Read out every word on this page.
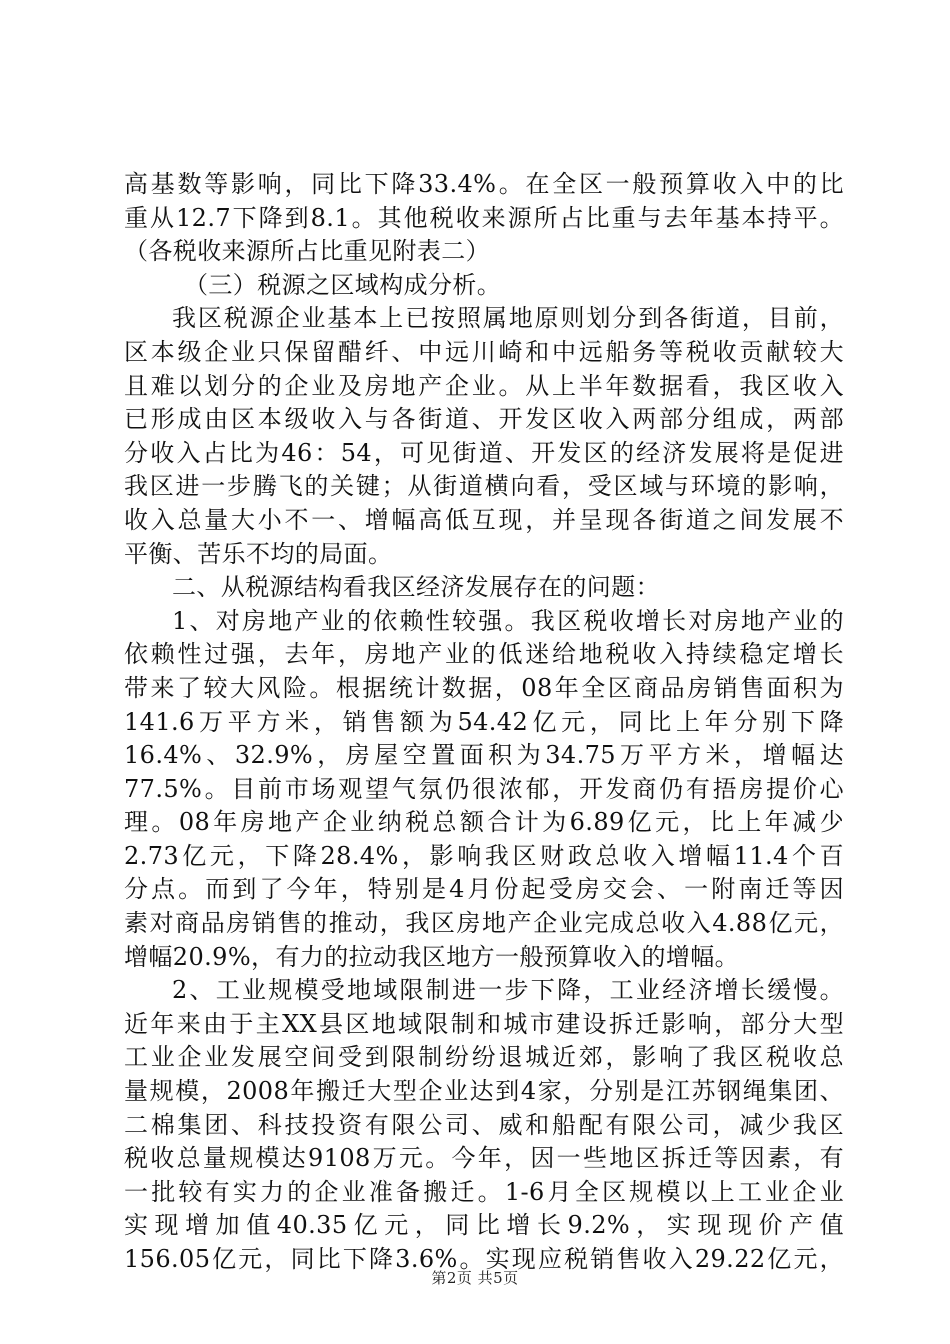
高基数等影响，同比下降33.4%。在全区一般预算收入中的比
重从12.7下降到8.1。其他税收来源所占比重与去年基本持平。
（各税收来源所占比重见附表二）
（三）税源之区域构成分析。
我区税源企业基本上已按照属地原则划分到各街道，目前，
区本级企业只保留醋纤、中远川崎和中远船务等税收贡献较大
且难以划分的企业及房地产企业。从上半年数据看，我区收入
已形成由区本级收入与各街道、开发区收入两部分组成，两部
分收入占比为46：54，可见街道、开发区的经济发展将是促进
我区进一步腾飞的关键；从街道横向看，受区域与环境的影响，
收入总量大小不一、增幅高低互现，并呈现各街道之间发展不
平衡、苦乐不均的局面。
二、从税源结构看我区经济发展存在的问题：
1、对房地产业的依赖性较强。我区税收增长对房地产业的
依赖性过强，去年，房地产业的低迷给地税收入持续稳定增长
带来了较大风险。根据统计数据，08年全区商品房销售面积为
141.6万平方米，销售额为54.42亿元，同比上年分别下降
16.4%、32.9%，房屋空置面积为34.75万平方米，增幅达
77.5%。目前市场观望气氛仍很浓郁，开发商仍有捂房提价心
理。08年房地产企业纳税总额合计为6.89亿元，比上年减少
2.73亿元，下降28.4%，影响我区财政总收入增幅11.4个百
分点。而到了今年，特别是4月份起受房交会、一附南迁等因
素对商品房销售的推动，我区房地产企业完成总收入4.88亿元，
增幅20.9%，有力的拉动我区地方一般预算收入的增幅。
2、工业规模受地域限制进一步下降，工业经济增长缓慢。
近年来由于主XX县区地域限制和城市建设拆迁影响，部分大型
工业企业发展空间受到限制纷纷退城近郊，影响了我区税收总
量规模，2008年搬迁大型企业达到4家，分别是江苏钢绳集团、
二棉集团、科技投资有限公司、威和船配有限公司，减少我区
税收总量规模达9108万元。今年，因一些地区拆迁等因素，有
一批较有实力的企业准备搬迁。1-6月全区规模以上工业企业
实现增加值40.35亿元，同比增长9.2%，实现现价产值
156.05亿元，同比下降3.6%。实现应税销售收入29.22亿元，
第2页 共5页
